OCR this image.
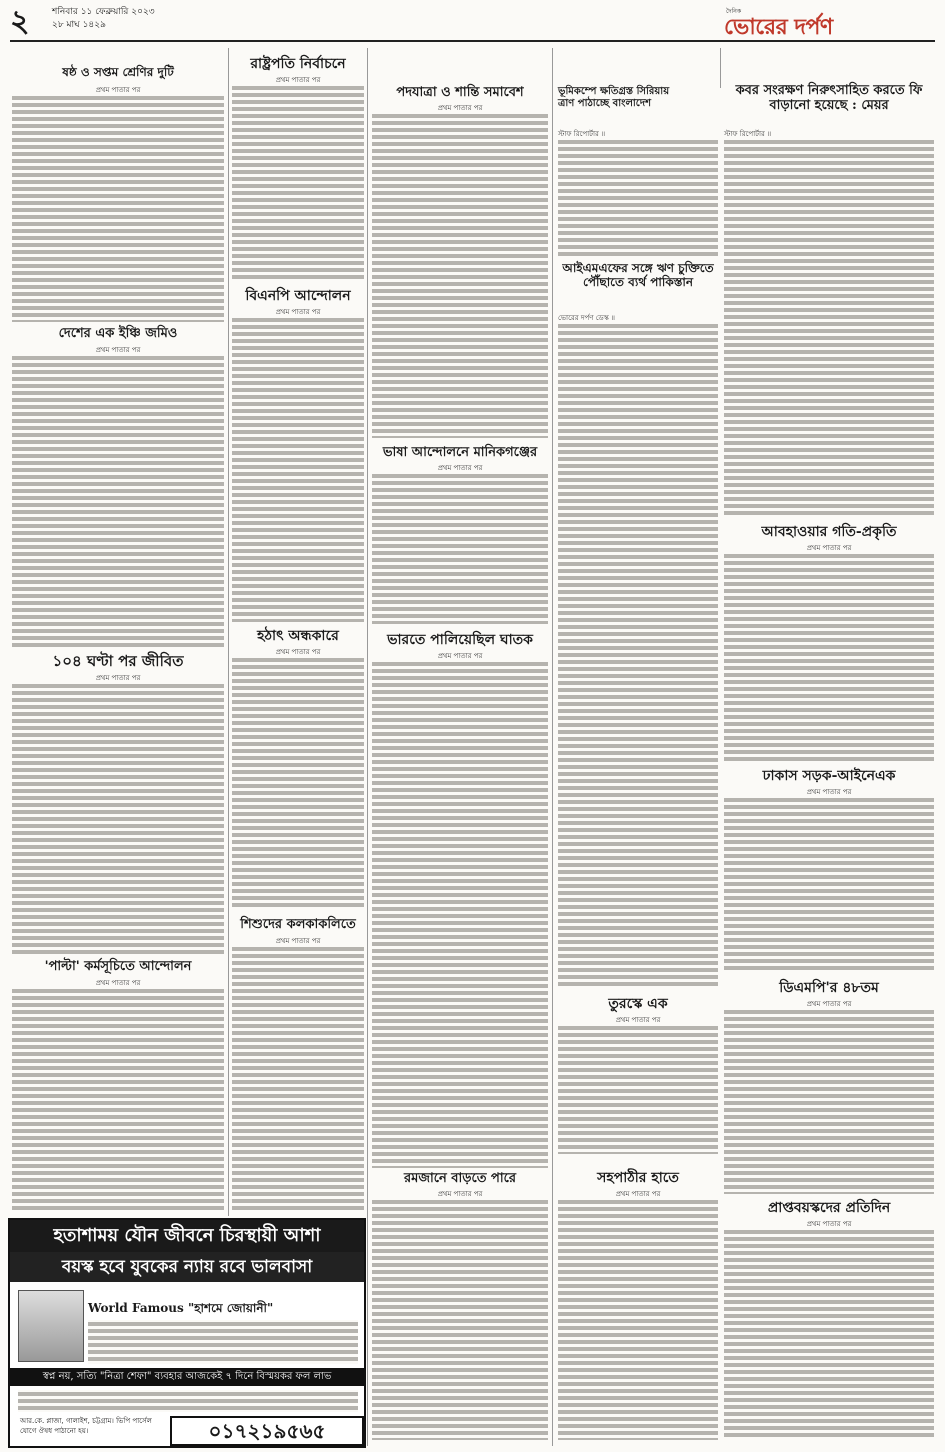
২	শনিবার ১১ ফেব্রুয়ারি ২০২৩
২৮ মাঘ ১৪২৯
দৈনিক
ভোরের দর্পণ
ষষ্ঠ ও সপ্তম শ্রেণির দুটি
প্রথম পাতার পর
দেশের এক ইঞ্চি জমিও
প্রথম পাতার পর
১০৪ ঘণ্টা পর জীবিত
প্রথম পাতার পর
'পাল্টা' কর্মসূচিতে আন্দোলন
প্রথম পাতার পর
রাষ্ট্রপতি নির্বাচনে
প্রথম পাতার পর
বিএনপি আন্দোলন
প্রথম পাতার পর
হঠাৎ অন্ধকারে
প্রথম পাতার পর
শিশুদের কলকাকলিতে
প্রথম পাতার পর
পদযাত্রা ও শান্তি সমাবেশ
প্রথম পাতার পর
ভাষা আন্দোলনে মানিকগঞ্জের
প্রথম পাতার পর
ভারতে পালিয়েছিল ঘাতক
প্রথম পাতার পর
রমজানে বাড়তে পারে
প্রথম পাতার পর
ভূমিকম্পে ক্ষতিগ্রস্ত সিরিয়ায় ত্রাণ পাঠাচ্ছে বাংলাদেশ
স্টাফ রিপোর্টার ॥
আইএমএফের সঙ্গে ঋণ চুক্তিতে পৌঁছাতে ব্যর্থ পাকিস্তান
ভোরের দর্পণ ডেস্ক ॥
তুরস্কে এক
প্রথম পাতার পর
সহপাঠীর হাতে
প্রথম পাতার পর
কবর সংরক্ষণ নিরুৎসাহিত করতে ফি বাড়ানো হয়েছে : মেয়র
স্টাফ রিপোর্টার ॥
আবহাওয়ার গতি-প্রকৃতি
প্রথম পাতার পর
ঢাকাস সড়ক-আইনেএক
প্রথম পাতার পর
ডিএমপি'র ৪৮তম
প্রথম পাতার পর
প্রাপ্তবয়স্কদের প্রতিদিন
প্রথম পাতার পর
হতাশাময় যৌন জীবনে চিরস্থায়ী আশা
বয়স্ক হবে যুবকের ন্যায় রবে ভালবাসা
World Famous "হাশমে জোয়ানী"
স্বপ্ন নয়, সত্যি "নিত্রা শেফা" ব্যবহার আজকেই ৭ দিনে বিস্ময়কর ফল লাভ
আর.কে. প্লাজা, গালাইশ, চট্টগ্রাম। ভিপি পার্সেল যোগে ঔষধ পাঠানো হয়।	০১৭২১৯৫৬৫
